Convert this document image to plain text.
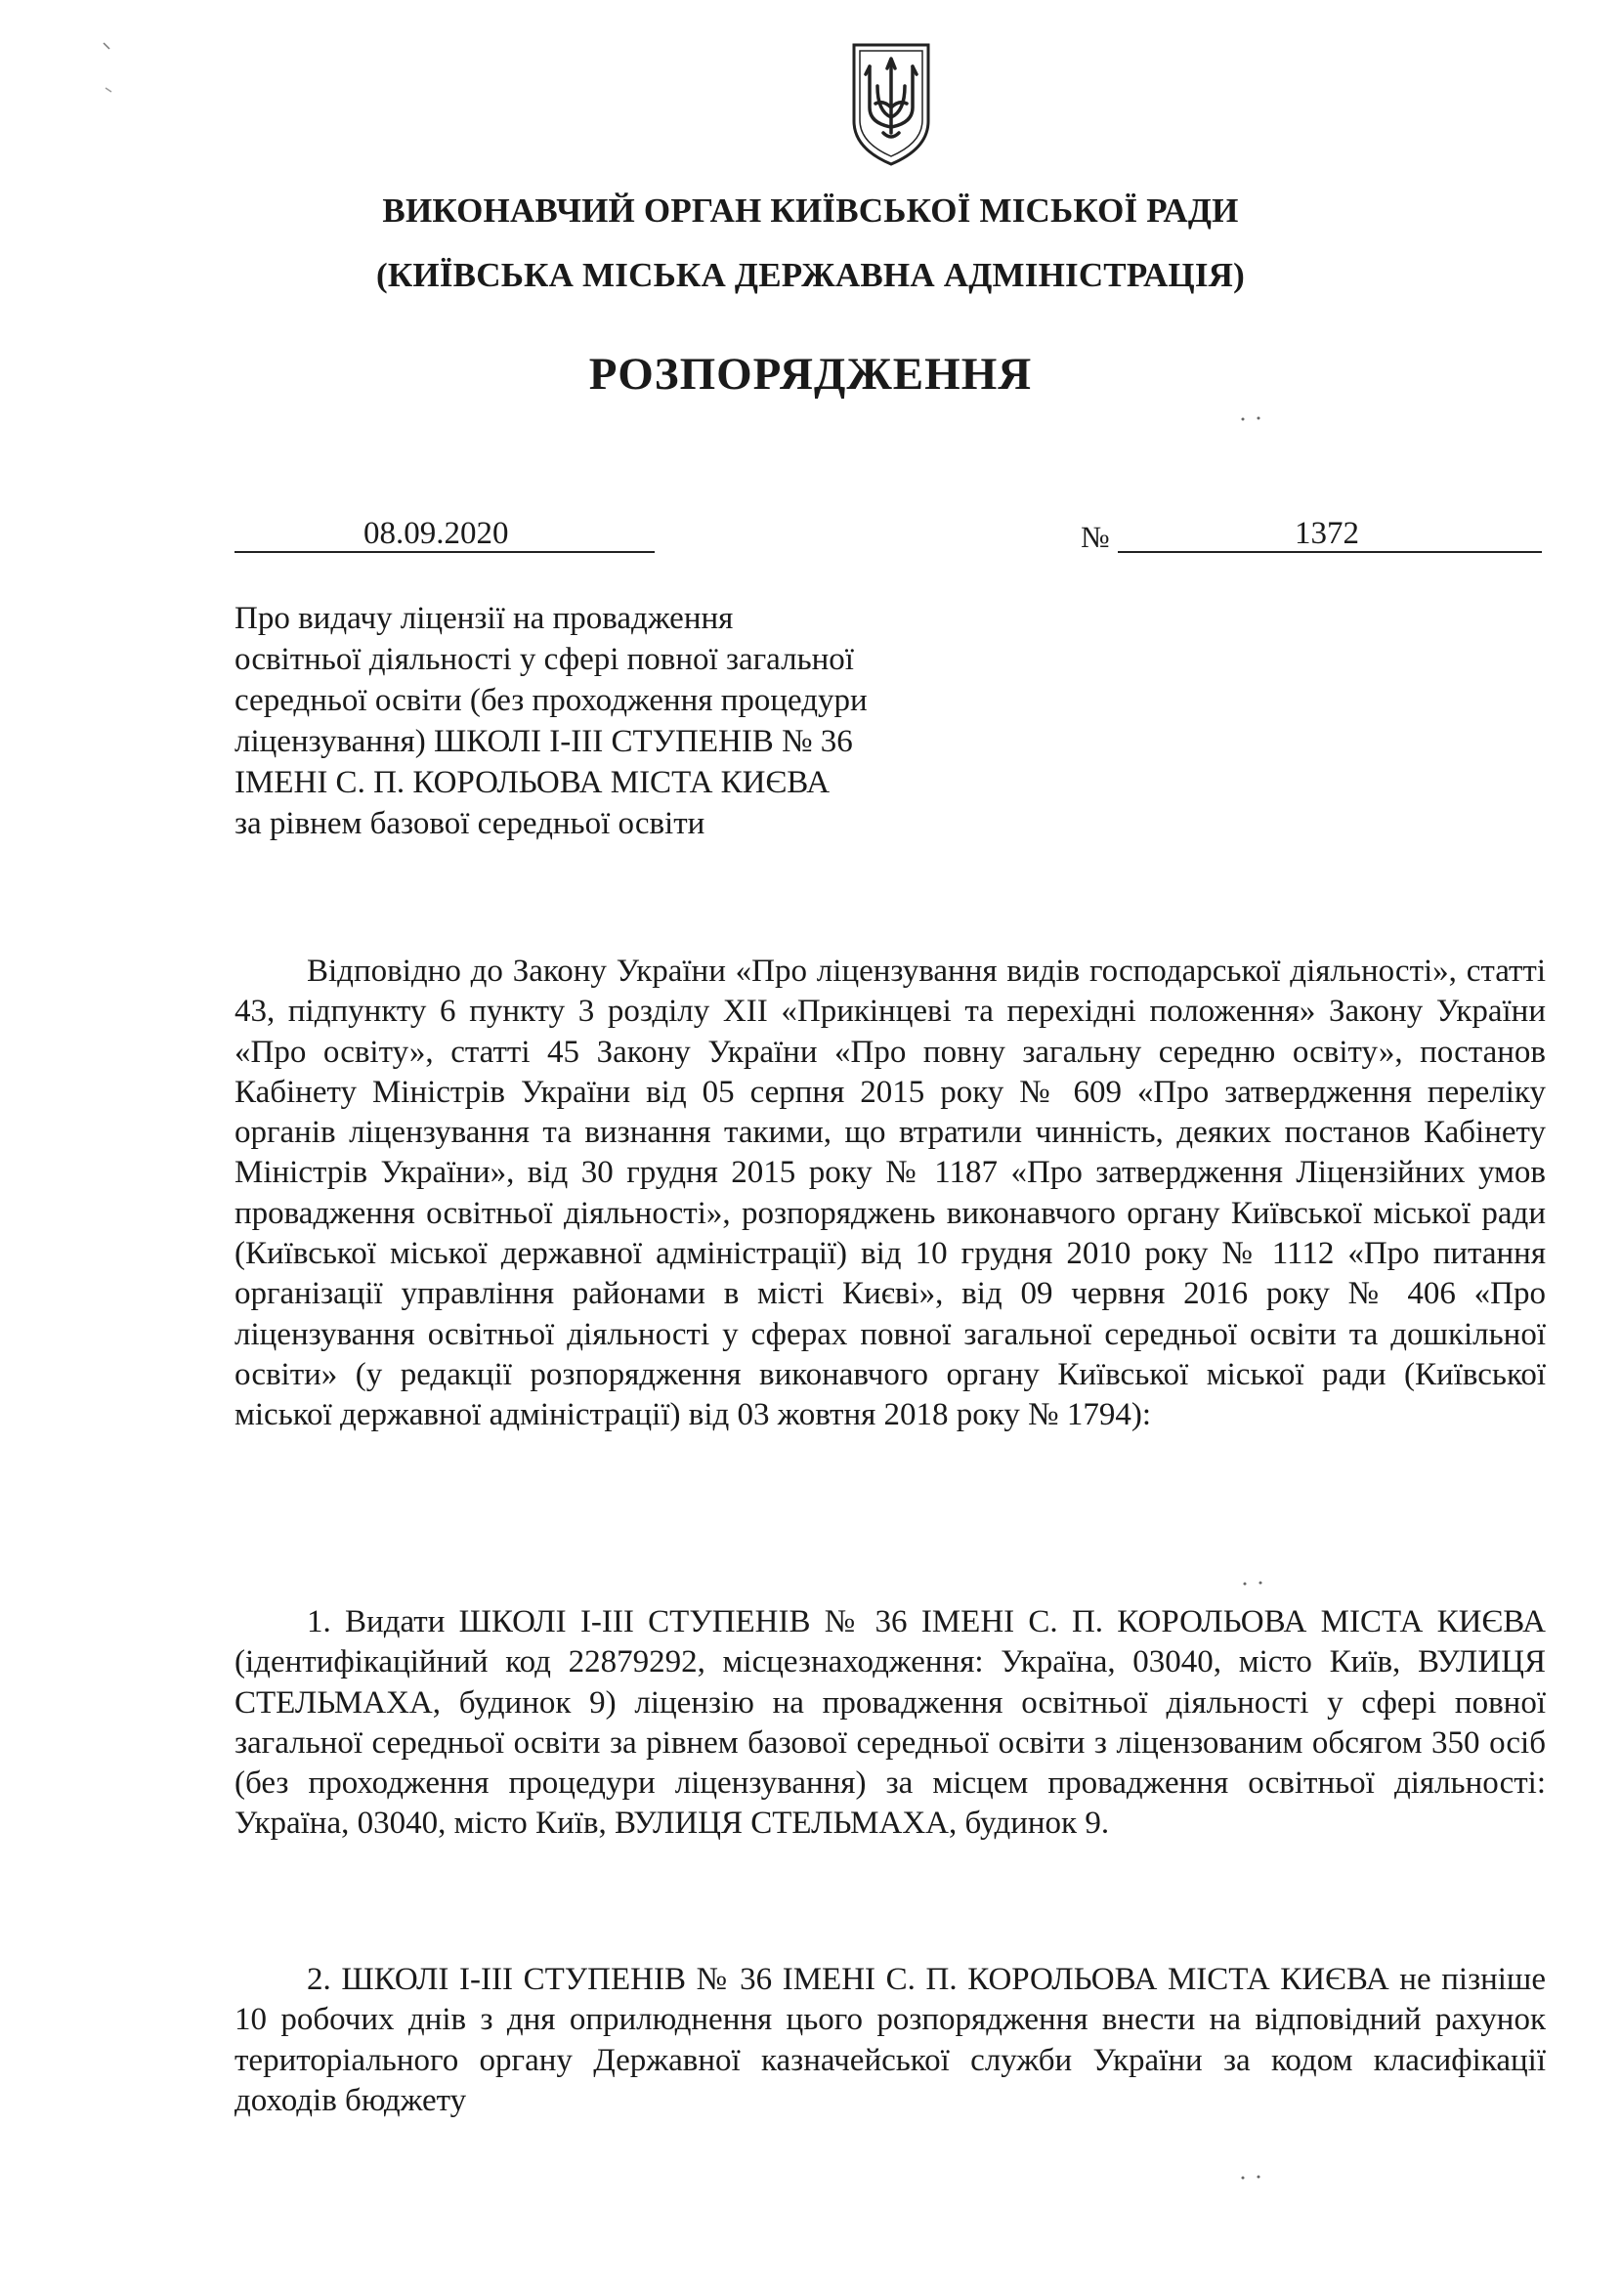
ВИКОНАВЧИЙ ОРГАН КИЇВСЬКОЇ МІСЬКОЇ РАДИ
(КИЇВСЬКА МІСЬКА ДЕРЖАВНА АДМІНІСТРАЦІЯ)
РОЗПОРЯДЖЕННЯ
08.09.2020	№	1372
Про видачу ліцензії на провадження
освітньої діяльності у сфері повної загальної
середньої освіти (без проходження процедури
ліцензування) ШКОЛІ І-ІІІ СТУПЕНІВ № 36
ІМЕНІ С. П. КОРОЛЬОВА МІСТА КИЄВА
за рівнем базової середньої освіти

Відповідно до Закону України «Про ліцензування видів господарської діяльності», статті 43, підпункту 6 пункту 3 розділу XII «Прикінцеві та перехідні положення» Закону України «Про освіту», статті 45 Закону України «Про повну загальну середню освіту», постанов Кабінету Міністрів України від 05 серпня 2015 року № 609 «Про затвердження переліку органів ліцензування та визнання такими, що втратили чинність, деяких постанов Кабінету Міністрів України», від 30 грудня 2015 року № 1187 «Про затвердження Ліцензійних умов провадження освітньої діяльності», розпоряджень виконавчого органу Київської міської ради (Київської міської державної адміністрації) від 10 грудня 2010 року № 1112 «Про питання організації управління районами в місті Києві», від 09 червня 2016 року № 406 «Про ліцензування освітньої діяльності у сферах повної загальної середньої освіти та дошкільної освіти» (у редакції розпорядження виконавчого органу Київської міської ради (Київської міської державної адміністрації) від 03 жовтня 2018 року № 1794):

1. Видати ШКОЛІ І-ІІІ СТУПЕНІВ № 36 ІМЕНІ С. П. КОРОЛЬОВА МІСТА КИЄВА (ідентифікаційний код 22879292, місцезнаходження: Україна, 03040, місто Київ, ВУЛИЦЯ СТЕЛЬМАХА, будинок 9) ліцензію на провадження освітньої діяльності у сфері повної загальної середньої освіти за рівнем базової середньої освіти з ліцензованим обсягом 350 осіб (без проходження процедури ліцензування) за місцем провадження освітньої діяльності: Україна, 03040, місто Київ, ВУЛИЦЯ СТЕЛЬМАХА, будинок 9.

2. ШКОЛІ І-ІІІ СТУПЕНІВ № 36 ІМЕНІ С. П. КОРОЛЬОВА МІСТА КИЄВА не пізніше 10 робочих днів з дня оприлюднення цього розпорядження внести на відповідний рахунок територіального органу Державної казначейської служби України за кодом класифікації доходів бюджету
